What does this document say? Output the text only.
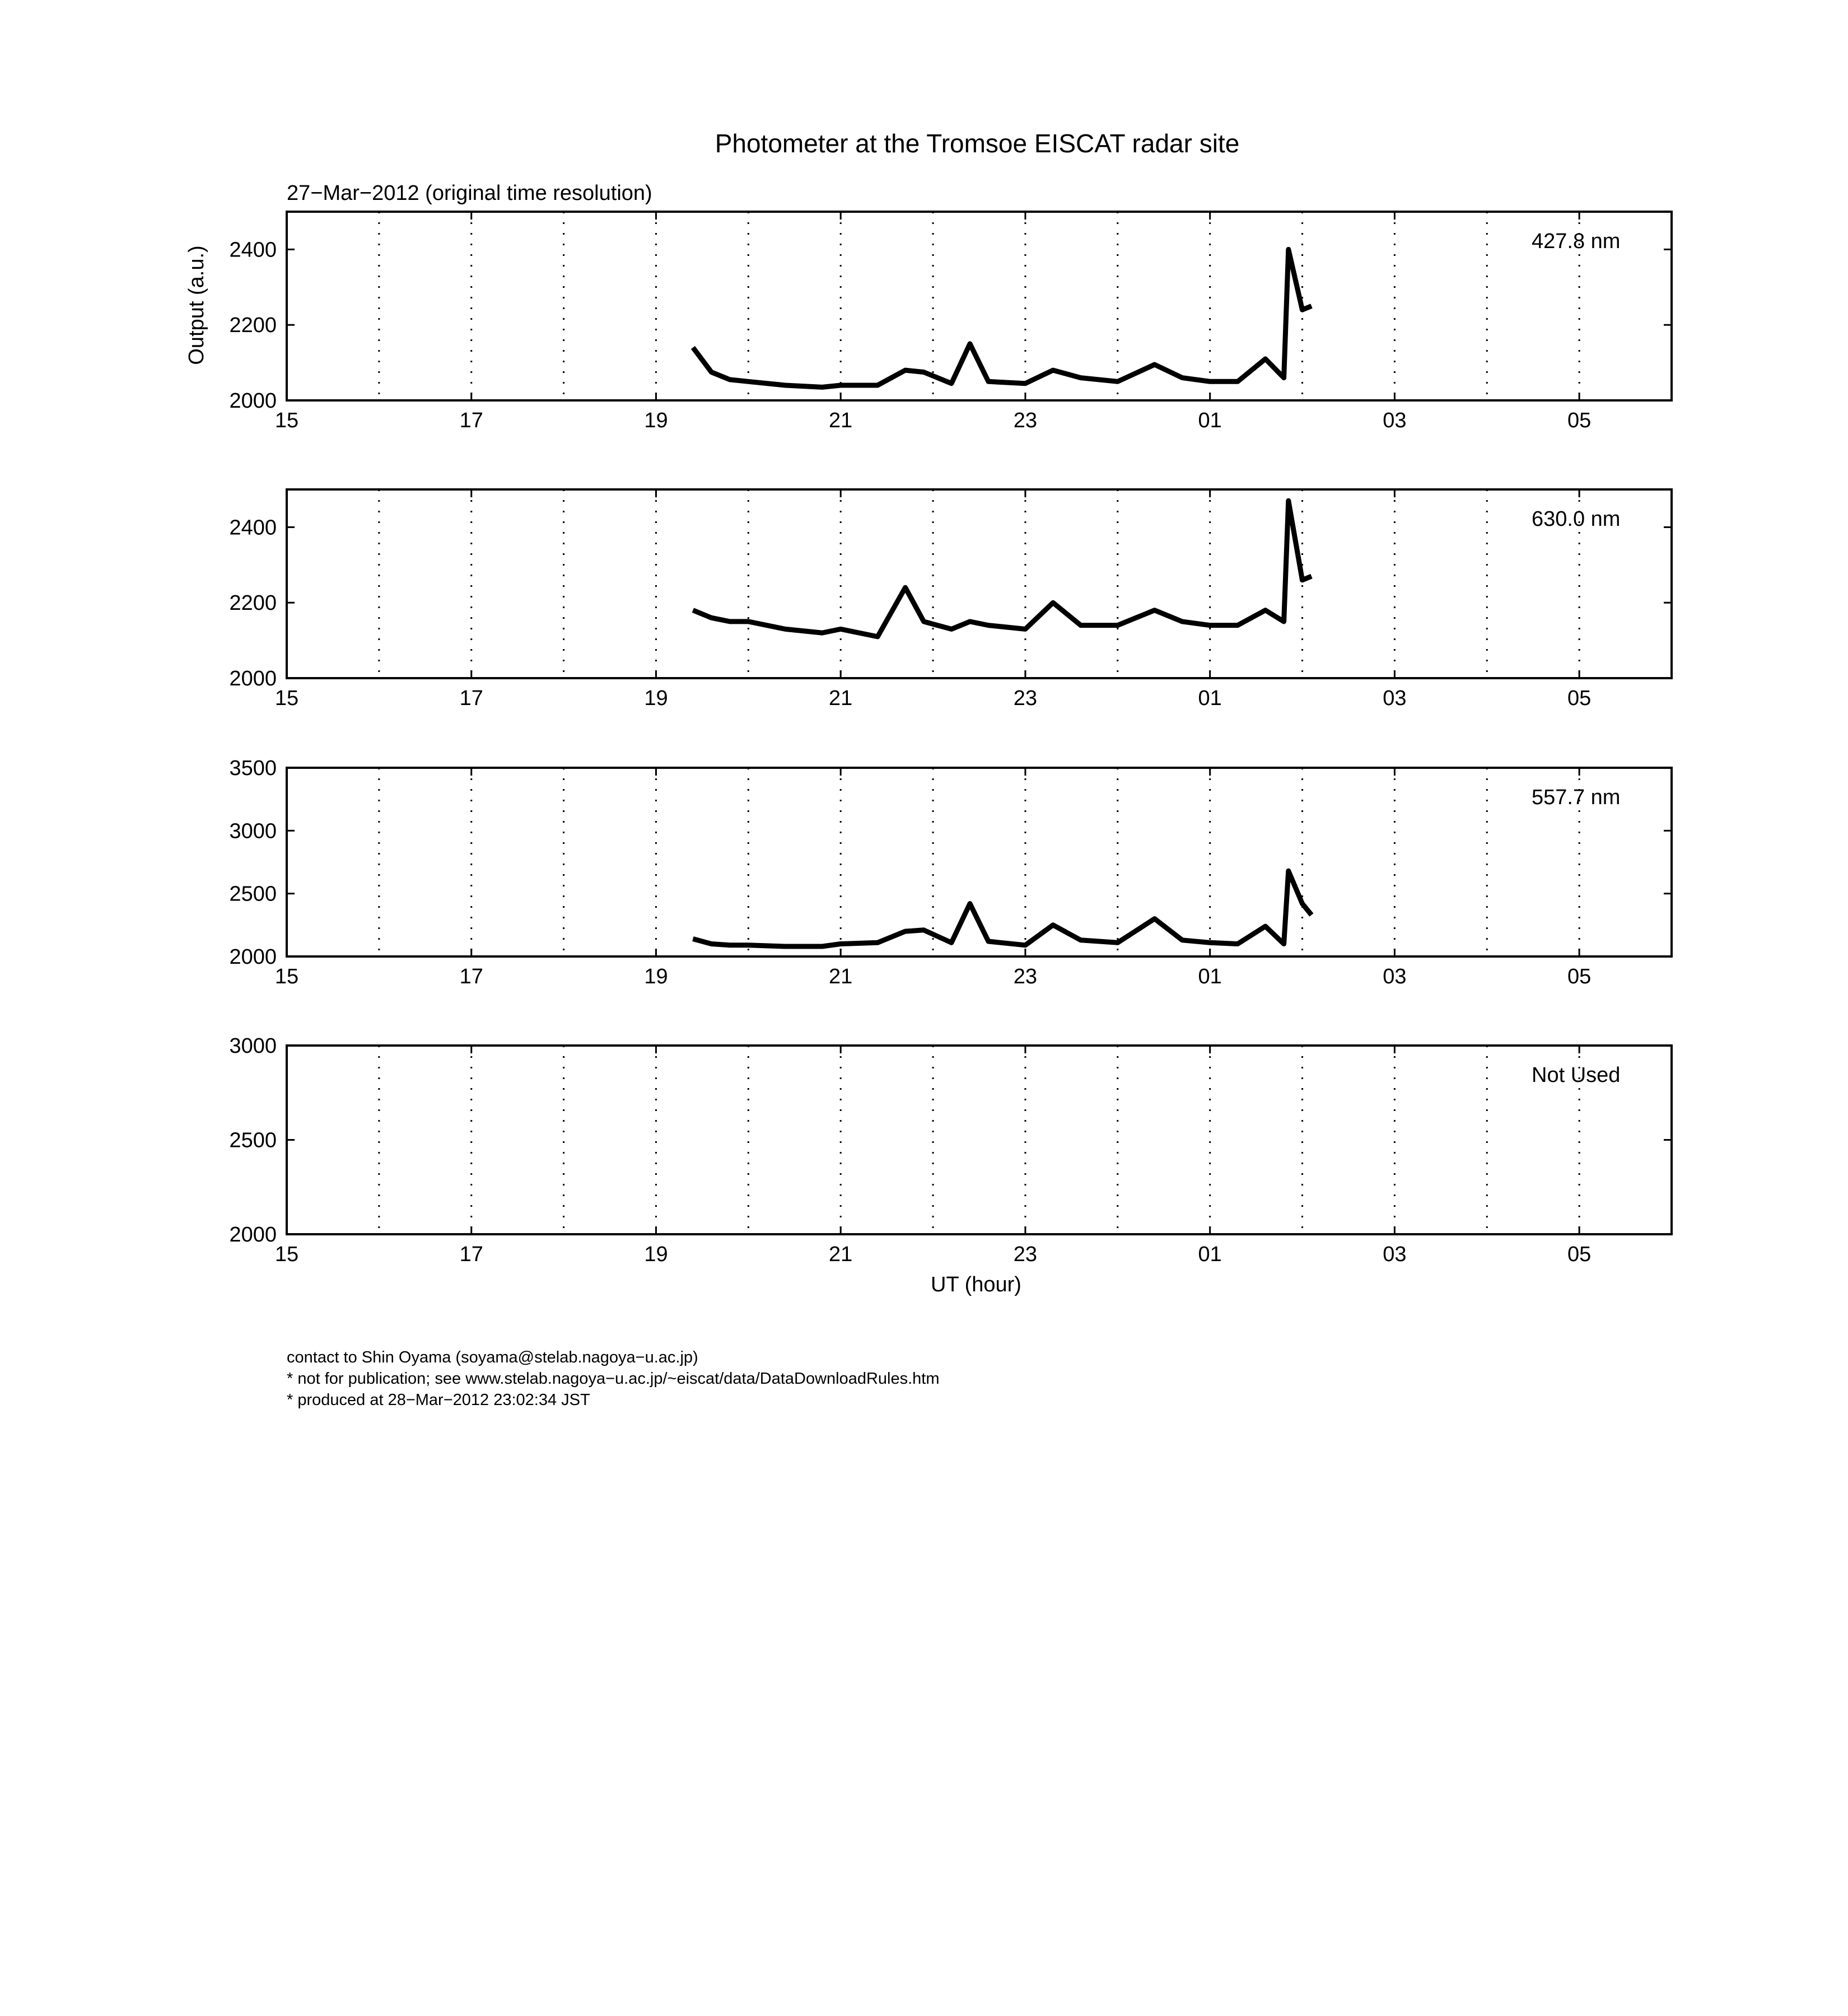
Photometer at the Tromsoe EISCAT radar site
27−Mar−2012 (original time resolution)
Output (a.u.)
UT (hour)
15	17	19	21	23	01	03	05
2000
2200
2400	427.8 nm
15	17	19	21	23	01	03	05
2000
2200
2400	630.0 nm
15	17	19	21	23	01	03	05
2000
2500
3000
3500
557.7 nm
15	17	19	21	23	01	03	05
2000
2500
3000
Not Used
contact to Shin Oyama (soyama@stelab.nagoya−u.ac.jp)
* not for publication; see www.stelab.nagoya−u.ac.jp/~eiscat/data/DataDownloadRules.htm
* produced at 28−Mar−2012 23:02:34 JST
